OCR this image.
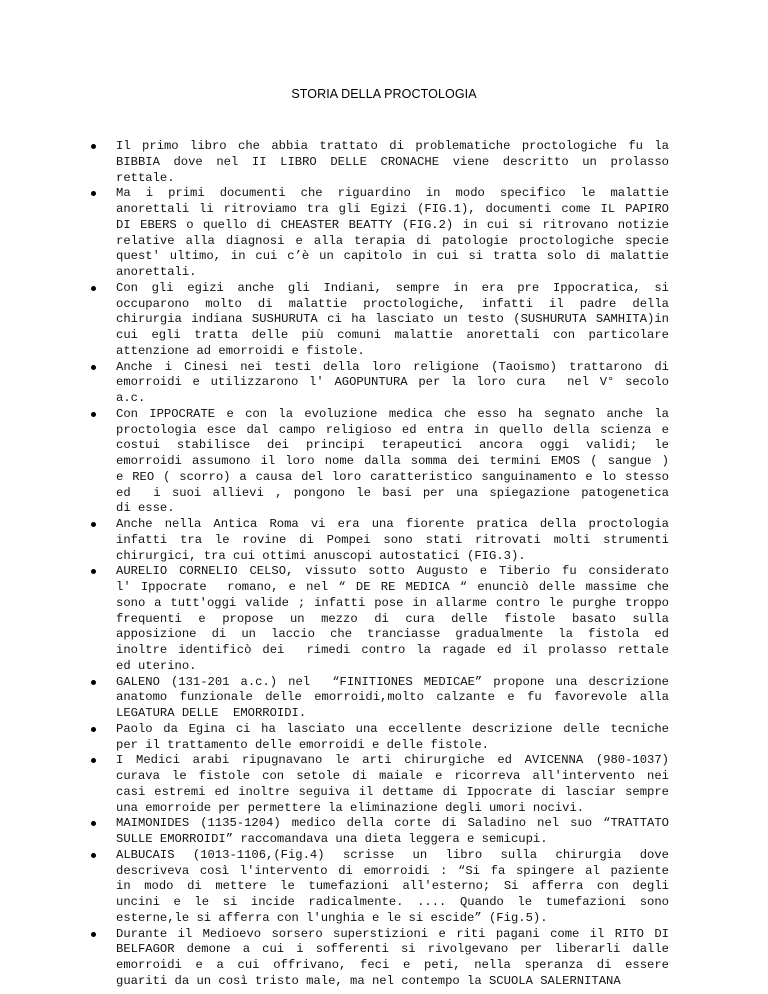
STORIA DELLA PROCTOLOGIA
Il primo libro che abbia trattato di problematiche proctologiche fu la
BIBBIA dove nel II LIBRO DELLE CRONACHE viene descritto un prolasso
rettale.
Ma i primi documenti che riguardino in modo specifico le malattie
anorettali li ritroviamo tra gli Egizi (FIG.1), documenti come IL PAPIRO
DI EBERS o quello di CHEASTER BEATTY (FIG.2) in cui si ritrovano notizie
relative alla diagnosi e alla terapia di patologie proctologiche specie
quest' ultimo, in cui c’è un capitolo in cui si tratta solo di malattie
anorettali.
Con gli egizi anche gli Indiani, sempre in era pre Ippocratica, si
occuparono molto di malattie proctologiche, infatti il padre della
chirurgia indiana SUSHURUTA ci ha lasciato un testo (SUSHURUTA SAMHITA)in
cui egli tratta delle più comuni malattie anorettali con particolare
attenzione ad emorroidi e fistole.
Anche i Cinesi nei testi della loro religione (Taoismo) trattarono di
emorroidi e utilizzarono l' AGOPUNTURA per la loro cura  nel V° secolo
a.c.
Con IPPOCRATE e con la evoluzione medica che esso ha segnato anche la
proctologia esce dal campo religioso ed entra in quello della scienza e
costui stabilisce dei principi terapeutici ancora oggi validi; le
emorroidi assumono il loro nome dalla somma dei termini EMOS ( sangue )
e REO ( scorro) a causa del loro caratteristico sanguinamento e lo stesso
ed  i suoi allievi , pongono le basi per una spiegazione patogenetica
di esse.
Anche nella Antica Roma vi era una fiorente pratica della proctologia
infatti tra le rovine di Pompei sono stati ritrovati molti strumenti
chirurgici, tra cui ottimi anuscopi autostatici (FIG.3).
AURELIO CORNELIO CELSO, vissuto sotto Augusto e Tiberio fu considerato
l' Ippocrate  romano, e nel “ DE RE MEDICA “ enunciò delle massime che
sono a tutt'oggi valide ; infatti pose in allarme contro le purghe troppo
frequenti e propose un mezzo di cura delle fistole basato sulla
apposizione di un laccio che tranciasse gradualmente la fistola ed
inoltre identificò dei  rimedi contro la ragade ed il prolasso rettale
ed uterino.
GALENO (131-201 a.c.) nel  “FINITIONES MEDICAE” propone una descrizione
anatomo funzionale delle emorroidi,molto calzante e fu favorevole alla
LEGATURA DELLE  EMORROIDI.
Paolo da Egina ci ha lasciato una eccellente descrizione delle tecniche
per il trattamento delle emorroidi e delle fistole.
I Medici arabi ripugnavano le arti chirurgiche ed AVICENNA (980-1037)
curava le fistole con setole di maiale e ricorreva all'intervento nei
casi estremi ed inoltre seguiva il dettame di Ippocrate di lasciar sempre
una emorroide per permettere la eliminazione degli umori nocivi.
MAIMONIDES (1135-1204) medico della corte di Saladino nel suo “TRATTATO
SULLE EMORROIDI” raccomandava una dieta leggera e semicupi.
ALBUCAIS  (1013-1106,(Fig.4)  scrisse  un  libro  sulla  chirurgia  dove
descriveva così l'intervento di emorroidi : “Si fa spingere al paziente
in modo di mettere le tumefazioni all'esterno; Si afferra con degli
uncini e le si incide radicalmente. .... Quando le tumefazioni sono
esterne,le si afferra con l'unghia e le si escide” (Fig.5).
Durante il Medioevo sorsero superstizioni e riti pagani come il RITO DI
BELFAGOR demone a cui i sofferenti si rivolgevano per liberarli dalle
emorroidi e a cui offrivano, feci e peti, nella speranza di essere
guariti da un così tristo male, ma nel contempo la SCUOLA SALERNITANA
